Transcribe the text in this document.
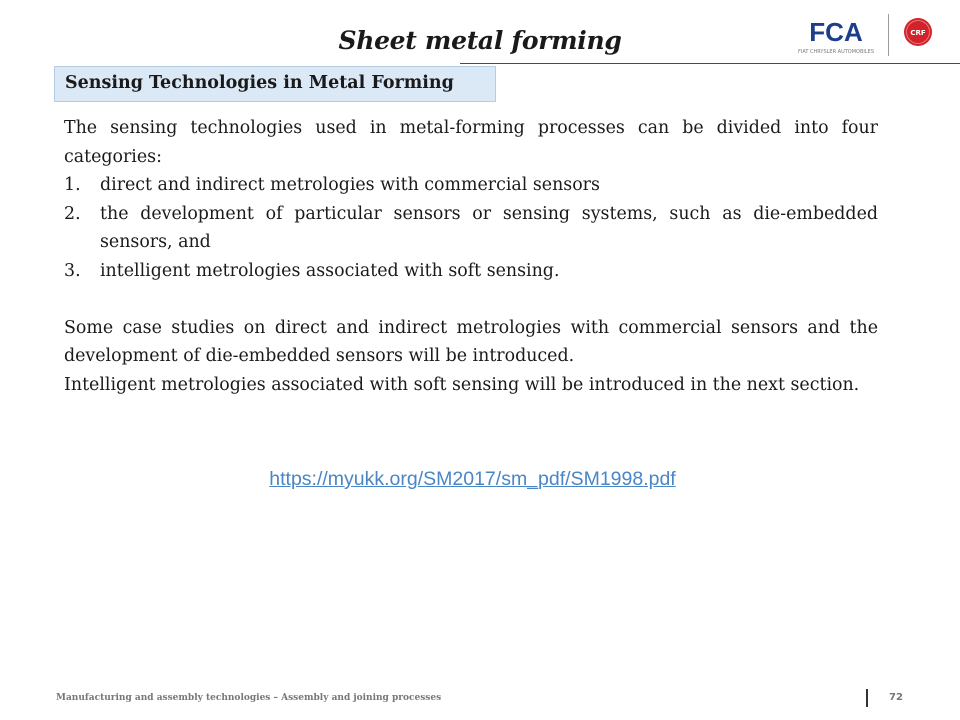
Sheet metal forming	FCA
FIAT CHRYSLER AUTOMOBILES
CRF
Sensing Technologies in Metal Forming

The sensing technologies used in metal-forming processes can be divided into four categories:

1. direct and indirect metrologies with commercial sensors
2. the development of particular sensors or sensing systems, such as die-embedded sensors, and
3. intelligent metrologies associated with soft sensing.

Some case studies on direct and indirect metrologies with commercial sensors and the development of die-embedded sensors will be introduced.

Intelligent metrologies associated with soft sensing will be introduced in the next section.

https://myukk.org/SM2017/sm_pdf/SM1998.pdf
Manufacturing and assembly technologies – Assembly and joining processes	72
